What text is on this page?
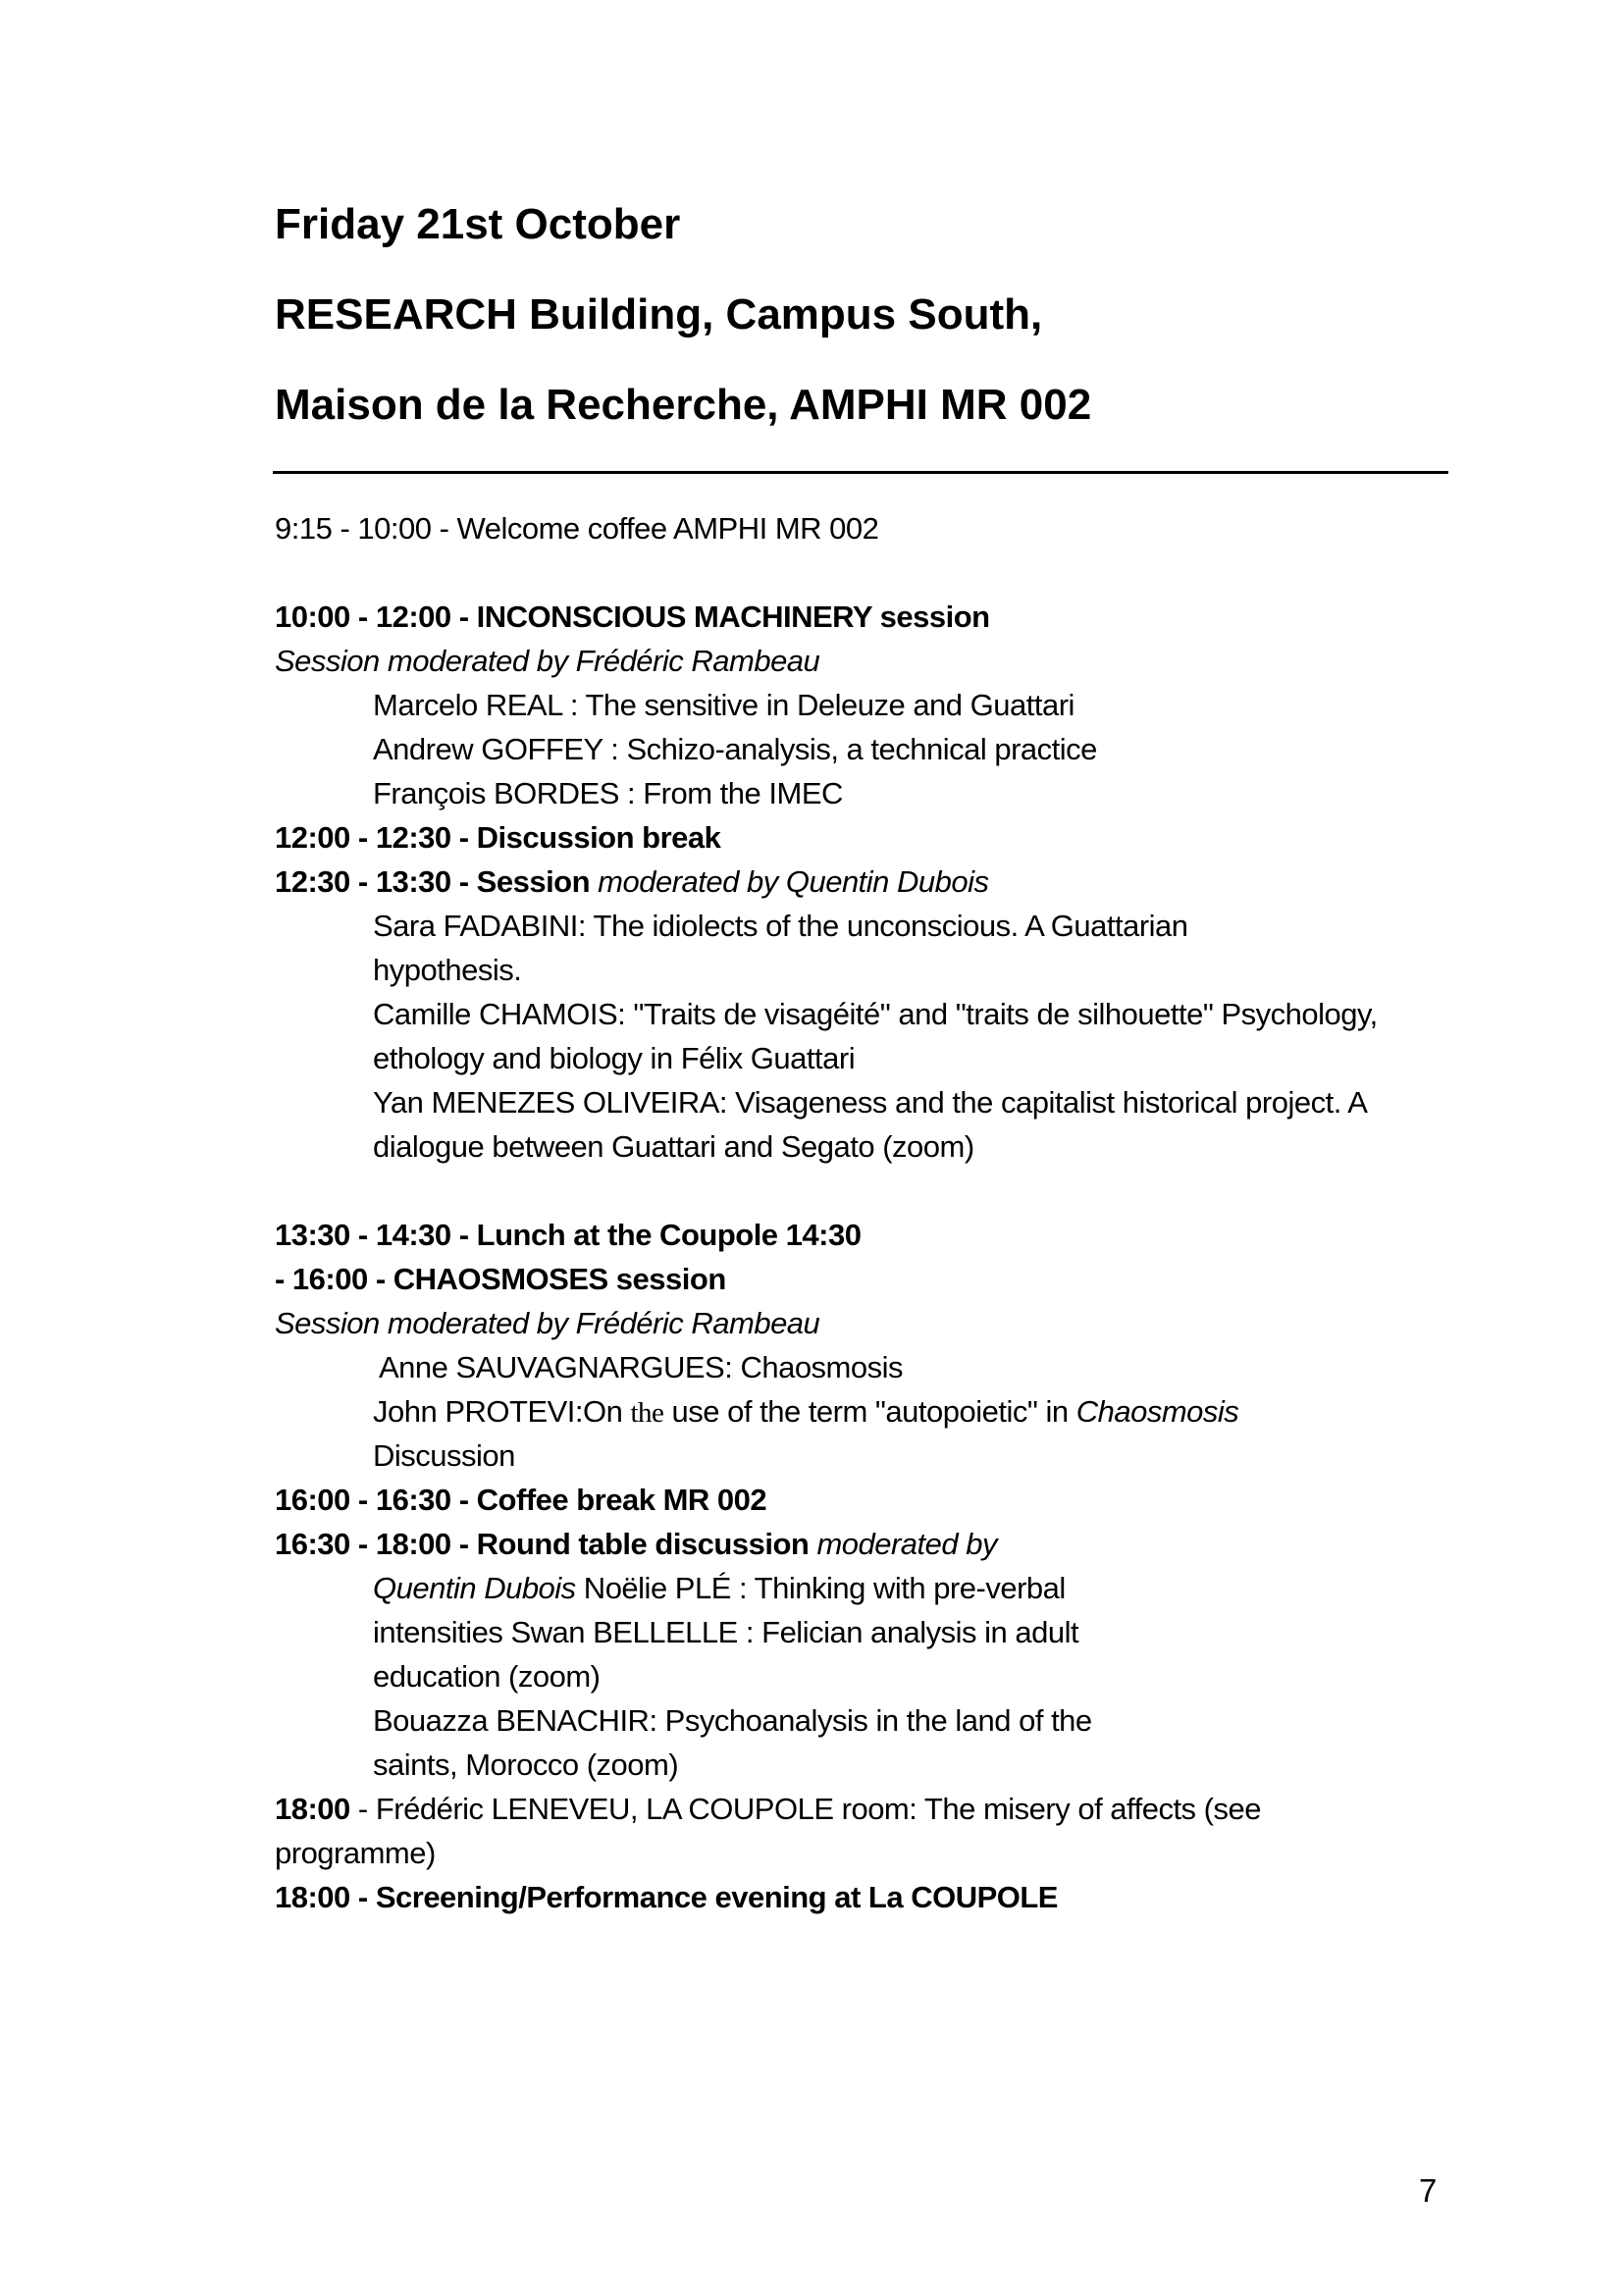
Friday 21st October
RESEARCH Building, Campus South,
Maison de la Recherche, AMPHI MR 002
9:15 - 10:00 - Welcome coffee AMPHI MR 002
10:00 - 12:00 - INCONSCIOUS MACHINERY session
Session moderated by Frédéric Rambeau
Marcelo REAL : The sensitive in Deleuze and Guattari
Andrew GOFFEY : Schizo-analysis, a technical practice
François BORDES : From the IMEC
12:00 - 12:30 - Discussion break
12:30 - 13:30 - Session moderated by Quentin Dubois
Sara FADABINI: The idiolects of the unconscious. A Guattarian
hypothesis.
Camille CHAMOIS: "Traits de visagéité" and "traits de silhouette" Psychology,
ethology and biology in Félix Guattari
Yan MENEZES OLIVEIRA: Visageness and the capitalist historical project. A
dialogue between Guattari and Segato (zoom)
13:30 - 14:30 - Lunch at the Coupole 14:30
- 16:00 - CHAOSMOSES session
Session moderated by Frédéric Rambeau
Anne SAUVAGNARGUES: Chaosmosis
John PROTEVI:On the use of the term "autopoietic" in Chaosmosis
Discussion
16:00 - 16:30 - Coffee break MR 002
16:30 - 18:00 - Round table discussion moderated by
Quentin Dubois Noëlie PLÉ : Thinking with pre-verbal
intensities Swan BELLELLE : Felician analysis in adult
education (zoom)
Bouazza BENACHIR: Psychoanalysis in the land of the
saints, Morocco (zoom)
18:00 - Frédéric LENEVEU, LA COUPOLE room: The misery of affects (see
programme)
18:00 - Screening/Performance evening at La COUPOLE
7
